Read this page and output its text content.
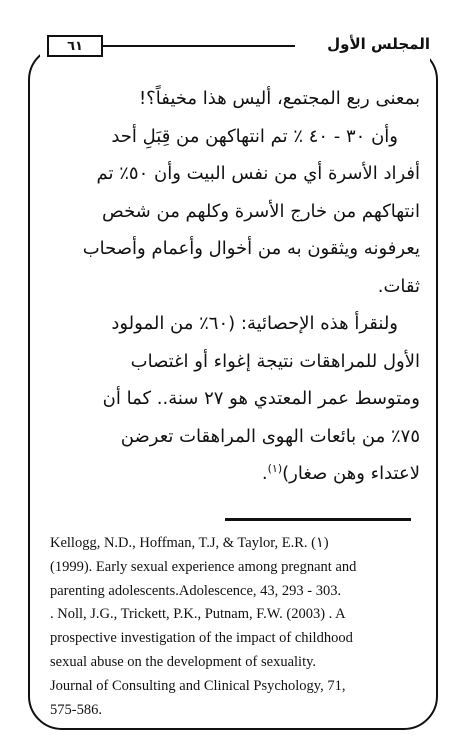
٦١	المجلس الأول

بمعنى ربع المجتمع، أليس هذا مخيفاً؟!

وأن ٣٠ - ٤٠ ٪ تم انتهاكهن من قِبَلِ أحد

أفراد الأسرة أي من نفس البيت وأن ٥٠٪ تم

انتهاكهم من خارج الأسرة وكلهم من شخص

يعرفونه ويثقون به من أخوال وأعمام وأصحاب

ثقات.

ولنقرأ هذه الإحصائية: (٦٠٪ من المولود

الأول للمراهقات نتيجة إغواء أو اغتصاب

ومتوسط عمر المعتدي هو ٢٧ سنة.. كما أن

٧٥٪ من بائعات الهوى المراهقات تعرضن

لاعتداء وهن صغار)$^{(١)}$.

Kellogg, N.D., Hoffman, T.J, & Taylor, E.R. (١)
(1999). Early sexual experience among pregnant and
parenting adolescents.Adolescence, 43, 293 - 303.
. Noll, J.G., Trickett, P.K., Putnam, F.W. (2003) . A
prospective investigation of the impact of childhood
sexual abuse on the development of sexuality.
Journal of Consulting and Clinical Psychology, 71,
575-586.
